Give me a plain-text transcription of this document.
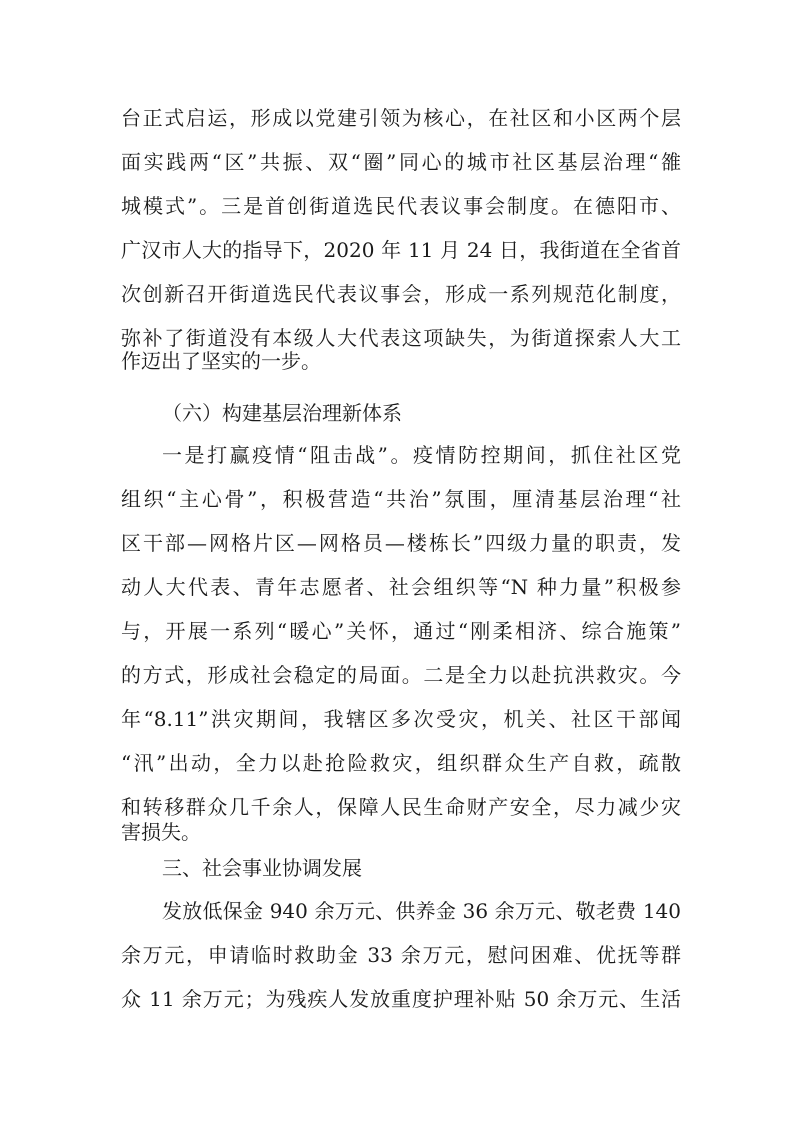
台正式启运，形成以党建引领为核心，在社区和小区两个层
面实践两“区”共振、双“圈”同心的城市社区基层治理“雒
城模式”。三是首创街道选民代表议事会制度。在德阳市、
广汉市人大的指导下，2020 年 11 月 24 日，我街道在全省首
次创新召开街道选民代表议事会，形成一系列规范化制度，
弥补了街道没有本级人大代表这项缺失，为街道探索人大工
作迈出了坚实的一步。
（六）构建基层治理新体系
一是打赢疫情“阻击战”。疫情防控期间，抓住社区党
组织“主心骨”，积极营造“共治”氛围，厘清基层治理“社
区干部—网格片区—网格员—楼栋长”四级力量的职责，发
动人大代表、青年志愿者、社会组织等“N 种力量”积极参
与，开展一系列“暖心”关怀，通过“刚柔相济、综合施策”
的方式，形成社会稳定的局面。二是全力以赴抗洪救灾。今
年“8.11”洪灾期间，我辖区多次受灾，机关、社区干部闻
“汛”出动，全力以赴抢险救灾，组织群众生产自救，疏散
和转移群众几千余人，保障人民生命财产安全，尽力减少灾
害损失。
三、社会事业协调发展
发放低保金 940 余万元、供养金 36 余万元、敬老费 140
余万元，申请临时救助金 33 余万元，慰问困难、优抚等群
众 11 余万元；为残疾人发放重度护理补贴 50 余万元、生活
